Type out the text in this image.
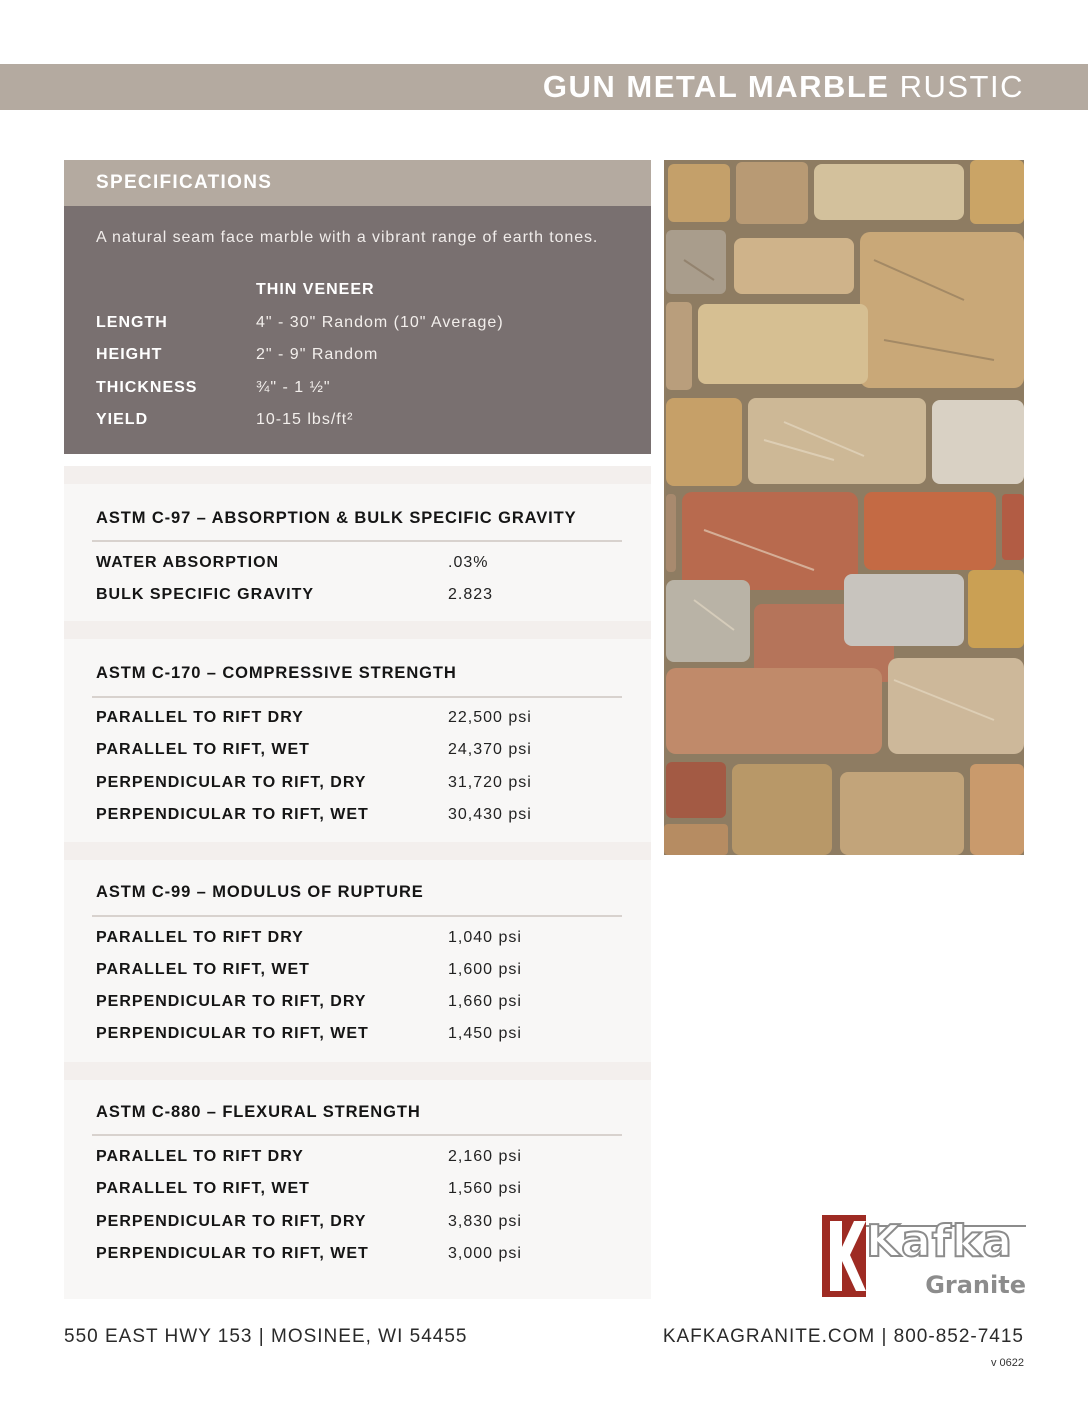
GUN METAL MARBLE RUSTIC
SPECIFICATIONS
A natural seam face marble with a vibrant range of earth tones.
THIN VENEER
LENGTH	4" - 30" Random (10" Average)
HEIGHT	2" - 9" Random
THICKNESS	¾" - 1 ½"
YIELD	10-15 lbs/ft²
ASTM C-97 – ABSORPTION & BULK SPECIFIC GRAVITY
WATER ABSORPTION	.03%
BULK SPECIFIC GRAVITY	2.823
ASTM C-170 – COMPRESSIVE STRENGTH
PARALLEL TO RIFT DRY	22,500 psi
PARALLEL TO RIFT, WET	24,370 psi
PERPENDICULAR TO RIFT, DRY	31,720 psi
PERPENDICULAR TO RIFT, WET	30,430 psi
ASTM C-99 – MODULUS OF RUPTURE
PARALLEL TO RIFT DRY	1,040 psi
PARALLEL TO RIFT, WET	1,600 psi
PERPENDICULAR TO RIFT, DRY	1,660 psi
PERPENDICULAR TO RIFT, WET	1,450 psi
ASTM C-880 – FLEXURAL STRENGTH
PARALLEL TO RIFT DRY	2,160 psi
PARALLEL TO RIFT, WET	1,560 psi
PERPENDICULAR TO RIFT, DRY	3,830 psi
PERPENDICULAR TO RIFT, WET	3,000 psi	Kafka
Granite
550 EAST HWY 153 | MOSINEE, WI 54455	KAFKAGRANITE.COM | 800-852-7415
v 0622
